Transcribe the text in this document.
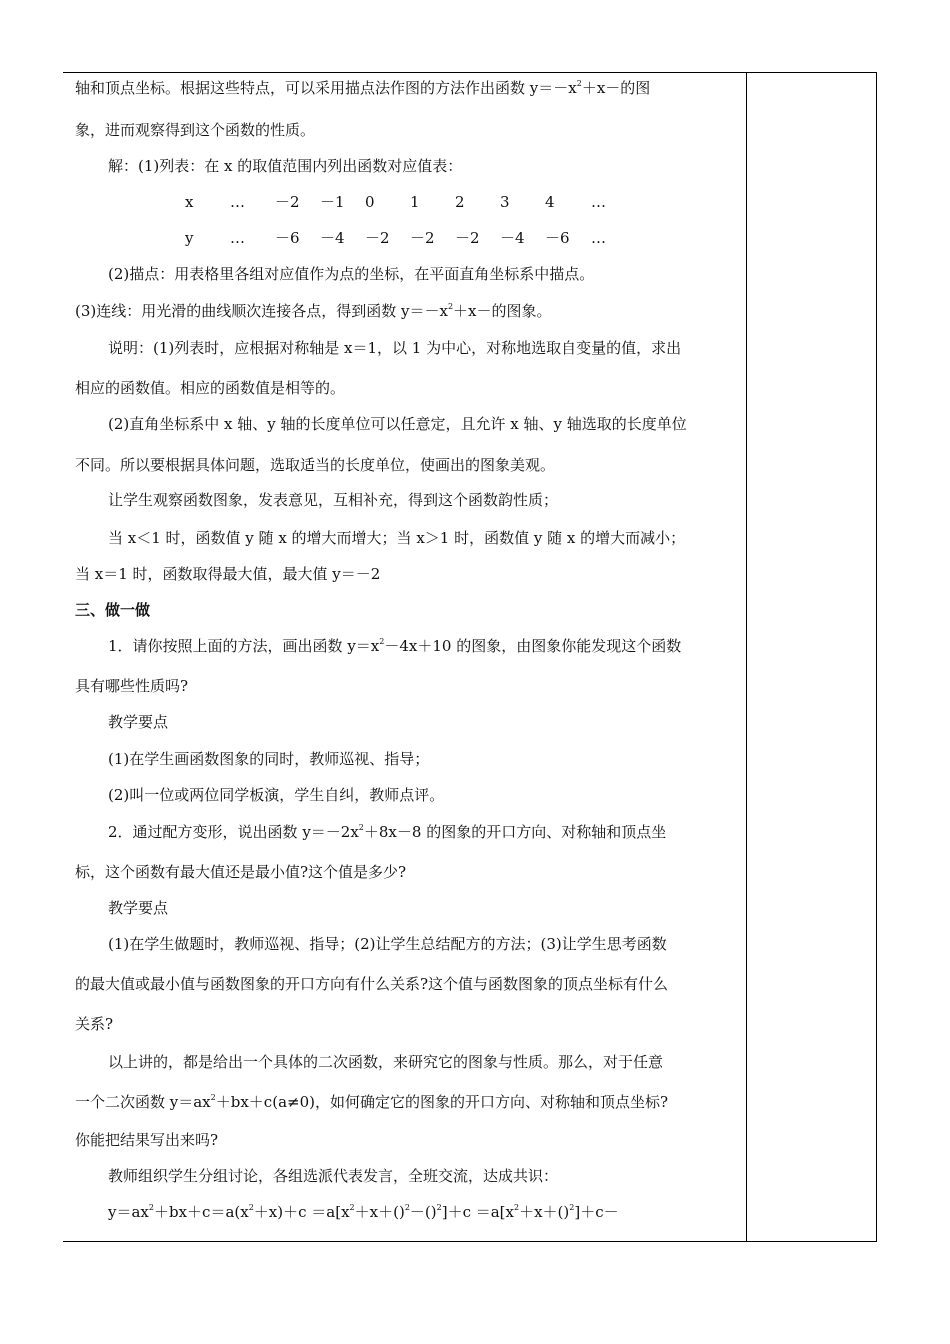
轴和顶点坐标。根据这些特点，可以采用描点法作图的方法作出函数 $y=-x^2+x-$的图
象，进而观察得到这个函数的性质。
解：(1)列表：在 x 的取值范围内列出函数对应值表：
x … －2 －1 0 1 2 3 4 …
y … －6 －4 －2 －2 －2 －4 －6 …
(2)描点：用表格里各组对应值作为点的坐标，在平面直角坐标系中描点。
(3)连线：用光滑的曲线顺次连接各点，得到函数 $y=-x^2+x-$的图象。
说明：(1)列表时，应根据对称轴是 x＝1，以 1 为中心，对称地选取自变量的值，求出
相应的函数值。相应的函数值是相等的。
(2)直角坐标系中 x 轴、y 轴的长度单位可以任意定，且允许 x 轴、y 轴选取的长度单位
不同。所以要根据具体问题，选取适当的长度单位，使画出的图象美观。
让学生观察函数图象，发表意见，互相补充，得到这个函数韵性质；
当 x＜1 时，函数值 y 随 x 的增大而增大；当 x＞1 时，函数值 y 随 x 的增大而减小；
当 x＝1 时，函数取得最大值，最大值 y＝－2
三、做一做
1．请你按照上面的方法，画出函数 $y=x^2-4x+10$ 的图象，由图象你能发现这个函数
具有哪些性质吗?
教学要点
(1)在学生画函数图象的同时，教师巡视、指导；
(2)叫一位或两位同学板演，学生自纠，教师点评。
2．通过配方变形，说出函数 $y=-2x^2+8x-8$ 的图象的开口方向、对称轴和顶点坐
标，这个函数有最大值还是最小值?这个值是多少?
教学要点
(1)在学生做题时，教师巡视、指导；(2)让学生总结配方的方法；(3)让学生思考函数
的最大值或最小值与函数图象的开口方向有什么关系?这个值与函数图象的顶点坐标有什么
关系?
以上讲的，都是给出一个具体的二次函数，来研究它的图象与性质。那么，对于任意
一个二次函数 $y=ax^2+bx+c(a\ne 0)$，如何确定它的图象的开口方向、对称轴和顶点坐标?
你能把结果写出来吗?
教师组织学生分组讨论，各组选派代表发言，全班交流，达成共识：
$y=ax^2+bx+c=a(x^2+x)+c =a[x^2+x+()^2-()^2]+c =a[x^2+x+()^2]+c-$
